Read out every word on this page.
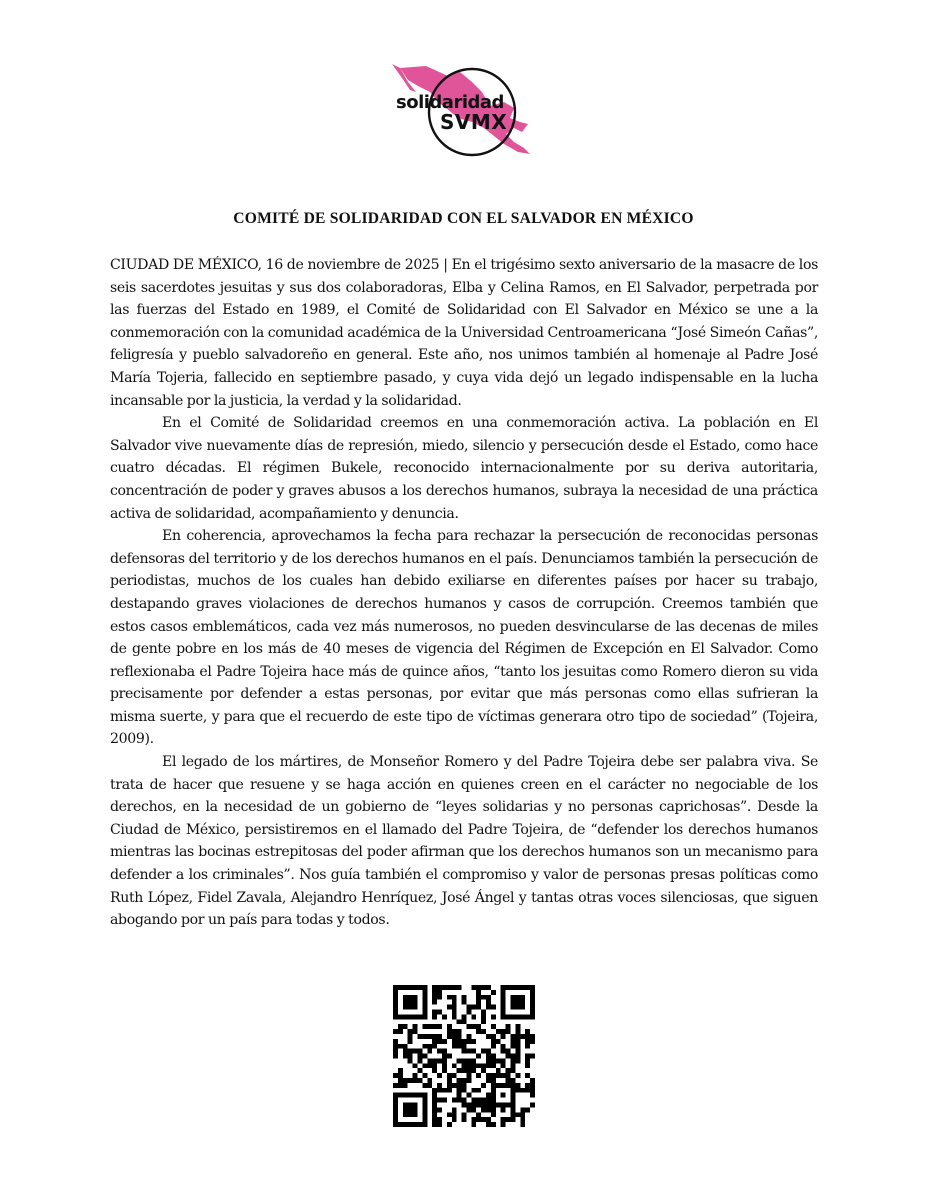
solidaridad
SVMX
COMITÉ DE SOLIDARIDAD CON EL SALVADOR EN MÉXICO

CIUDAD DE MÉXICO, 16 de noviembre de 2025 | En el trigésimo sexto aniversario de la masacre de los seis sacerdotes jesuitas y sus dos colaboradoras, Elba y Celina Ramos, en El Salvador, perpetrada por las fuerzas del Estado en 1989, el Comité de Solidaridad con El Salvador en México se une a la conmemoración con la comunidad académica de la Universidad Centroamericana “José Simeón Cañas”, feligresía y pueblo salvadoreño en general. Este año, nos unimos también al homenaje al Padre José María Tojeria, fallecido en septiembre pasado, y cuya vida dejó un legado indispensable en la lucha incansable por la justicia, la verdad y la solidaridad.

En el Comité de Solidaridad creemos en una conmemoración activa. La población en El Salvador vive nuevamente días de represión, miedo, silencio y persecución desde el Estado, como hace cuatro décadas. El régimen Bukele, reconocido internacionalmente por su deriva autoritaria, concentración de poder y graves abusos a los derechos humanos, subraya la necesidad de una práctica activa de solidaridad, acompañamiento y denuncia.

En coherencia, aprovechamos la fecha para rechazar la persecución de reconocidas personas defensoras del territorio y de los derechos humanos en el país. Denunciamos también la persecución de periodistas, muchos de los cuales han debido exiliarse en diferentes países por hacer su trabajo, destapando graves violaciones de derechos humanos y casos de corrupción. Creemos también que estos casos emblemáticos, cada vez más numerosos, no pueden desvincularse de las decenas de miles de gente pobre en los más de 40 meses de vigencia del Régimen de Excepción en El Salvador. Como reflexionaba el Padre Tojeira hace más de quince años, “tanto los jesuitas como Romero dieron su vida precisamente por defender a estas personas, por evitar que más personas como ellas sufrieran la misma suerte, y para que el recuerdo de este tipo de víctimas generara otro tipo de sociedad” (Tojeira, 2009).

El legado de los mártires, de Monseñor Romero y del Padre Tojeira debe ser palabra viva. Se trata de hacer que resuene y se haga acción en quienes creen en el carácter no negociable de los derechos, en la necesidad de un gobierno de “leyes solidarias y no personas caprichosas”. Desde la Ciudad de México, persistiremos en el llamado del Padre Tojeira, de “defender los derechos humanos mientras las bocinas estrepitosas del poder afirman que los derechos humanos son un mecanismo para defender a los criminales”. Nos guía también el compromiso y valor de personas presas políticas como Ruth López, Fidel Zavala, Alejandro Henríquez, José Ángel y tantas otras voces silenciosas, que siguen abogando por un país para todas y todos.
